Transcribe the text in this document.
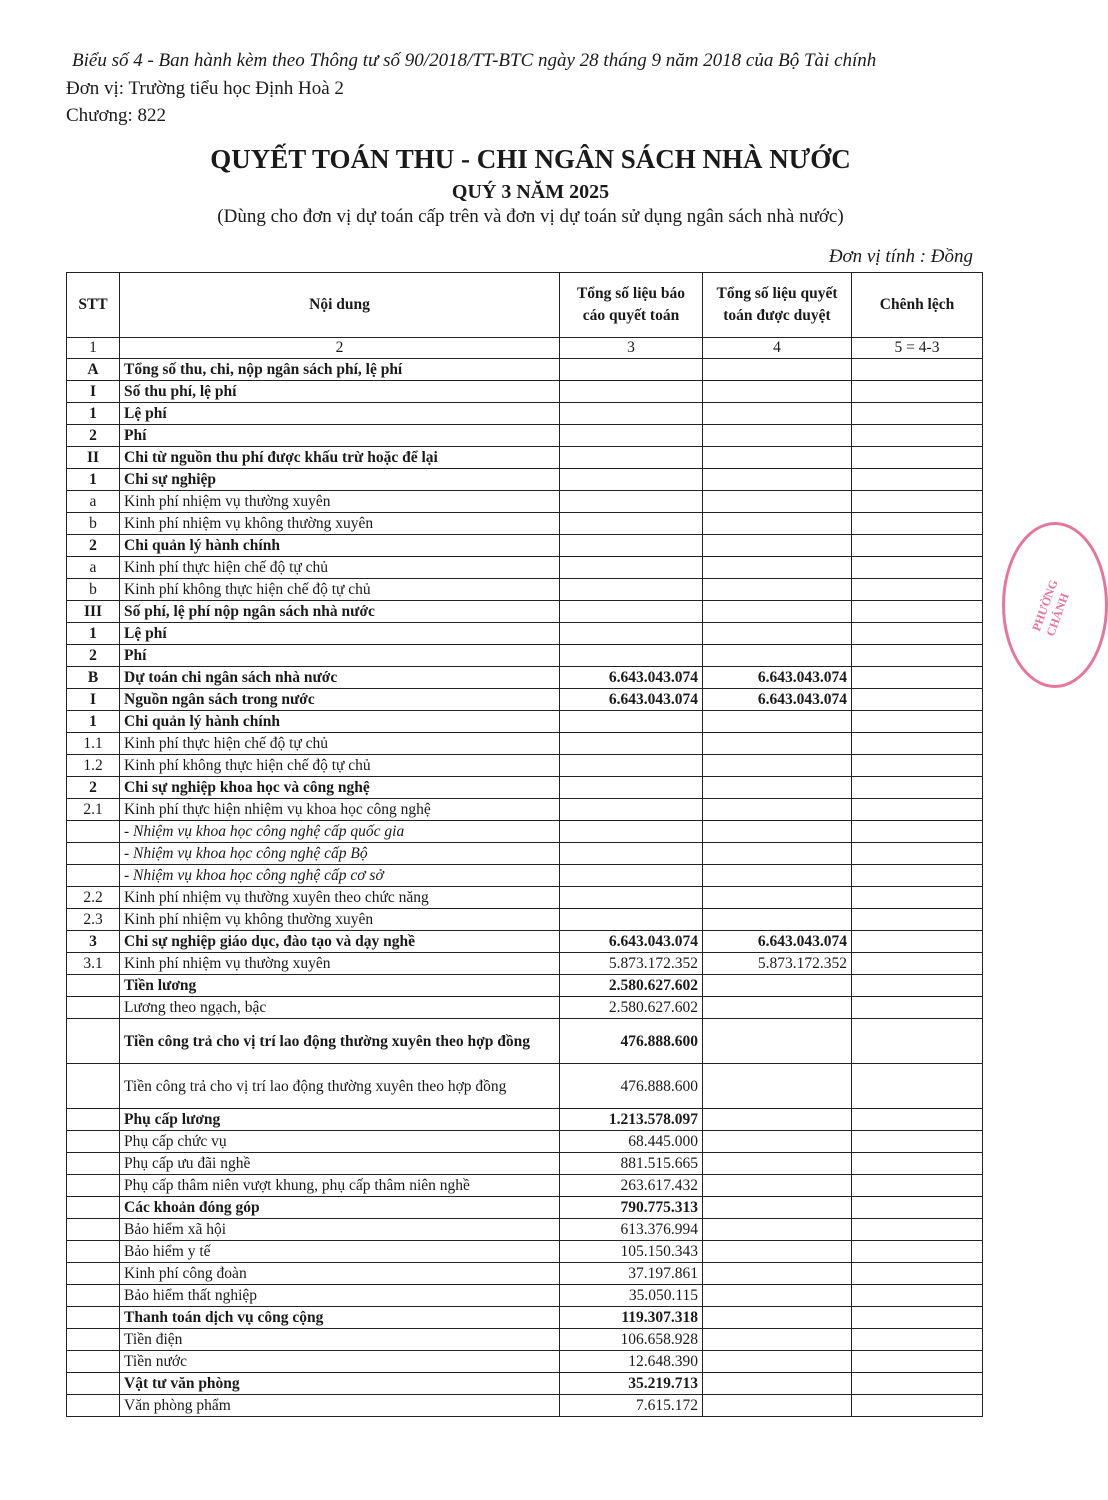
Biểu số 4 - Ban hành kèm theo Thông tư số 90/2018/TT-BTC ngày 28 tháng 9 năm 2018 của Bộ Tài chính
Đơn vị: Trường tiểu học Định Hoà 2
Chương: 822
QUYẾT TOÁN THU - CHI NGÂN SÁCH NHÀ NƯỚC
QUÝ 3 NĂM 2025
(Dùng cho đơn vị dự toán cấp trên và đơn vị dự toán sử dụng ngân sách nhà nước)
Đơn vị tính : Đồng
STT	Nội dung	Tổng số liệu báo cáo quyết toán	Tổng số liệu quyết toán được duyệt	Chênh lệch
1	2	3	4	5 = 4-3
A	Tổng số thu, chi, nộp ngân sách phí, lệ phí			
I	Số thu phí, lệ phí			
1	Lệ phí			
2	Phí			
II	Chi từ nguồn thu phí được khấu trừ hoặc để lại			
1	Chi sự nghiệp			
a	Kinh phí nhiệm vụ thường xuyên			
b	Kinh phí nhiệm vụ không thường xuyên			
2	Chi quản lý hành chính			
a	Kinh phí thực hiện chế độ tự chủ			
b	Kinh phí không thực hiện chế độ tự chủ			
III	Số phí, lệ phí nộp ngân sách nhà nước			
1	Lệ phí			
2	Phí			
B	Dự toán chi ngân sách nhà nước	6.643.043.074	6.643.043.074	
I	Nguồn ngân sách trong nước	6.643.043.074	6.643.043.074	
1	Chi quản lý hành chính			
1.1	Kinh phí thực hiện chế độ tự chủ			
1.2	Kinh phí không thực hiện chế độ tự chủ			
2	Chi sự nghiệp khoa học và công nghệ			
2.1	Kinh phí thực hiện nhiệm vụ khoa học công nghệ			
	- Nhiệm vụ khoa học công nghệ cấp quốc gia			
	- Nhiệm vụ khoa học công nghệ cấp Bộ			
	- Nhiệm vụ khoa học công nghệ cấp cơ sở			
2.2	Kinh phí nhiệm vụ thường xuyên theo chức năng			
2.3	Kinh phí nhiệm vụ không thường xuyên			
3	Chi sự nghiệp giáo dục, đào tạo và dạy nghề	6.643.043.074	6.643.043.074	
3.1	Kinh phí nhiệm vụ thường xuyên	5.873.172.352	5.873.172.352	
	Tiền lương	2.580.627.602		
	Lương theo ngạch, bậc	2.580.627.602		
	Tiền công trả cho vị trí lao động thường xuyên theo hợp đồng	476.888.600		
	Tiền công trả cho vị trí lao động thường xuyên theo hợp đồng	476.888.600		
	Phụ cấp lương	1.213.578.097		
	Phụ cấp chức vụ	68.445.000		
	Phụ cấp ưu đãi nghề	881.515.665		
	Phụ cấp thâm niên vượt khung, phụ cấp thâm niên nghề	263.617.432		
	Các khoản đóng góp	790.775.313		
	Bảo hiểm xã hội	613.376.994		
	Bảo hiểm y tế	105.150.343		
	Kinh phí công đoàn	37.197.861		
	Bảo hiểm thất nghiệp	35.050.115		
	Thanh toán dịch vụ công cộng	119.307.318		
	Tiền điện	106.658.928		
	Tiền nước	12.648.390		
	Vật tư văn phòng	35.219.713		
	Văn phòng phẩm	7.615.172		
PHƯỜNG CHÁNH
